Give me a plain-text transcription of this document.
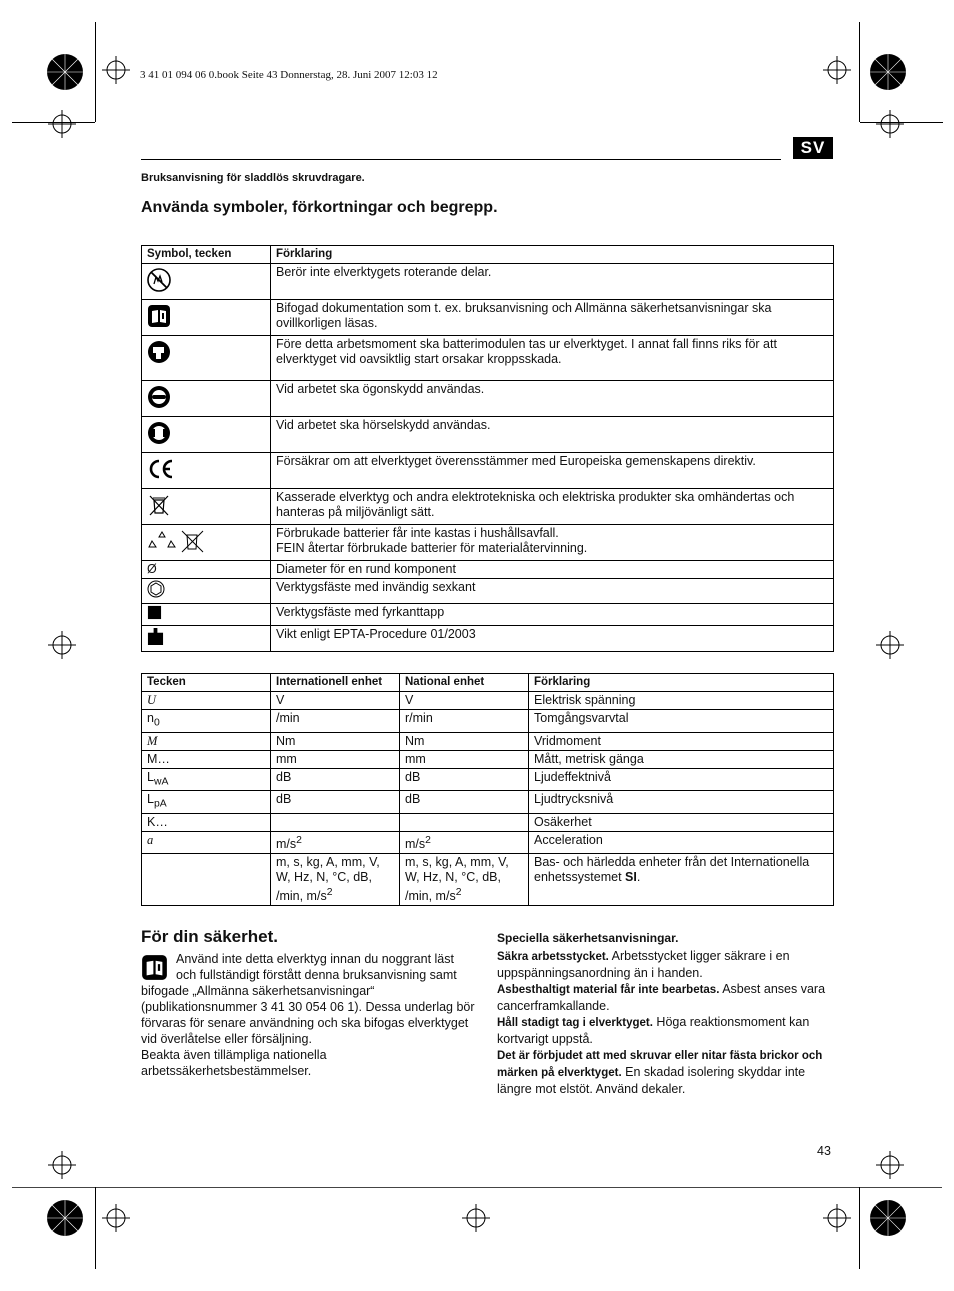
3 41 01 094 06 0.book Seite 43 Donnerstag, 28. Juni 2007 12:03 12
SV
Bruksanvisning för sladdlös skruvdragare.
Använda symboler, förkortningar och begrepp.
Symbol, tecken	Förklaring
	Berör inte elverktygets roterande delar.
	Bifogad dokumentation som t. ex. bruksanvisning och Allmänna säkerhetsanvisningar ska ovillkorligen läsas.
	Före detta arbetsmoment ska batterimodulen tas ur elverktyget. I annat fall finns riks för att elverktyget vid oavsiktlig start orsakar kroppsskada.
	Vid arbetet ska ögonskydd användas.
	Vid arbetet ska hörselskydd användas.
	Försäkrar om att elverktyget överensstämmer med Europeiska gemenskapens direktiv.
	Kasserade elverktyg och andra elektrotekniska och elektriska produkter ska omhändertas och hanteras på miljövänligt sätt.
	Förbrukade batterier får inte kastas i hushållsavfall.
FEIN återtar förbrukade batterier för materialåtervinning.
Ø	Diameter för en rund komponent
	Verktygsfäste med invändig sexkant
	Verktygsfäste med fyrkanttapp
	Vikt enligt EPTA-Procedure 01/2003
Tecken	Internationell enhet	National enhet	Förklaring
U	V	V	Elektrisk spänning
$n_0$	/min	r/min	Tomgångsvarvtal
M	Nm	Nm	Vridmoment
M…	mm	mm	Mått, metrisk gänga
$L_{wA}$	dB	dB	Ljudeffektnivå
$L_{pA}$	dB	dB	Ljudtrycksnivå
K…			Osäkerhet
a	$m/s^2$	$m/s^2$	Acceleration
	m, s, kg, A, mm, V, W, Hz, N, °C, dB, /min, $m/s^2$	m, s, kg, A, mm, V, W, Hz, N, °C, dB, /min, $m/s^2$	Bas- och härledda enheter från det Internationella enhetssystemet SI.
För din säkerhet.
Använd inte detta elverktyg innan du noggrant läst och fullständigt förstått denna bruksanvisning samt bifogade „Allmänna säkerhetsanvisningar“ (publikationsnummer 3 41 30 054 06 1). Dessa underlag bör förvaras för senare användning och ska bifogas elverktyget vid överlåtelse eller försäljning.
Beakta även tillämpliga nationella arbetssäkerhetsbestämmelser.
Speciella säkerhetsanvisningar.
Säkra arbetsstycket. Arbetsstycket ligger säkrare i en uppspänningsanordning än i handen.
Asbesthaltigt material får inte bearbetas. Asbest anses vara cancerframkallande.
Håll stadigt tag i elverktyget. Höga reaktionsmoment kan kortvarigt uppstå.
Det är förbjudet att med skruvar eller nitar fästa brickor och märken på elverktyget. En skadad isolering skyddar inte längre mot elstöt. Använd dekaler.
43
